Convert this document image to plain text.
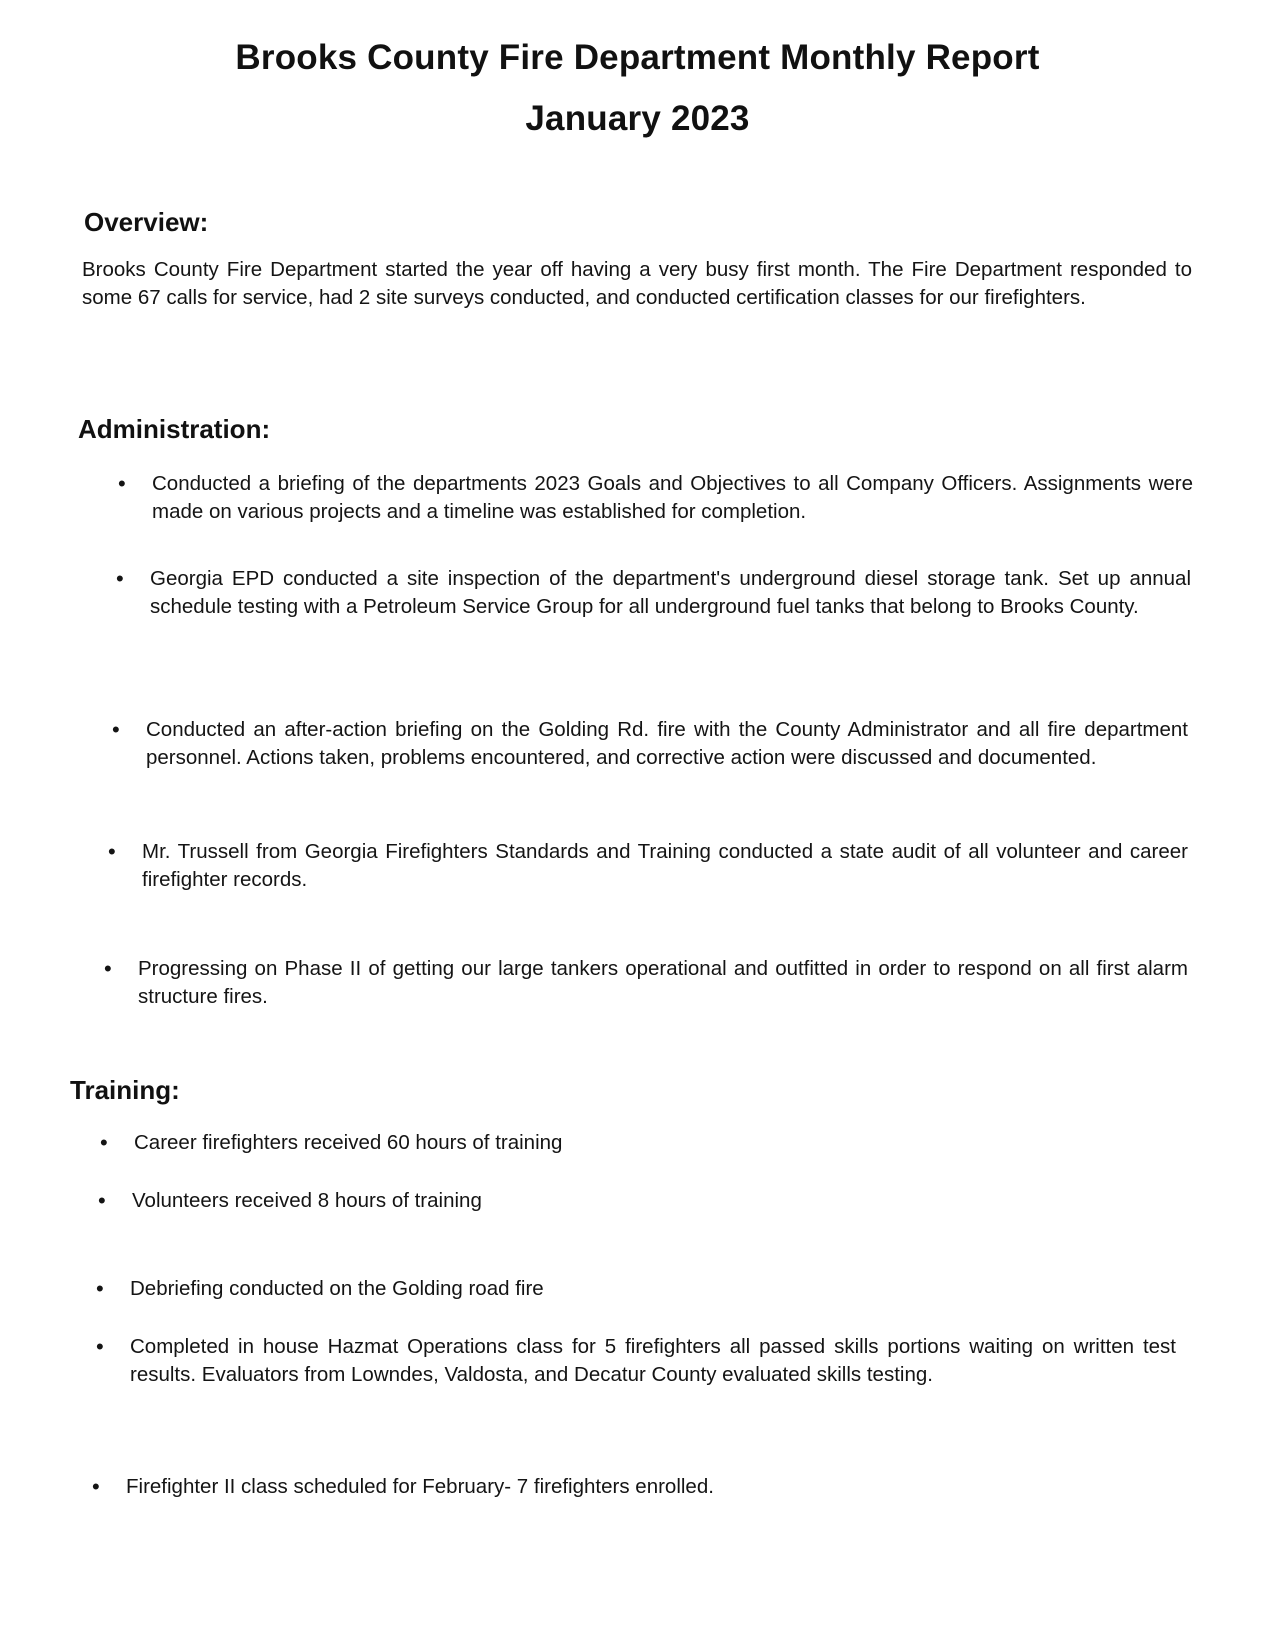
Brooks County Fire Department Monthly Report
January 2023
Overview:
Brooks County Fire Department started the year off having a very busy first month. The Fire Department responded to some 67 calls for service, had 2 site surveys conducted, and conducted certification classes for our firefighters.
Administration:
•	Conducted a briefing of the departments 2023 Goals and Objectives to all Company Officers. Assignments were made on various projects and a timeline was established for completion.
•	Georgia EPD conducted a site inspection of the department's underground diesel storage tank. Set up annual schedule testing with a Petroleum Service Group for all underground fuel tanks that belong to Brooks County.
•	Conducted an after-action briefing on the Golding Rd. fire with the County Administrator and all fire department personnel. Actions taken, problems encountered, and corrective action were discussed and documented.
•	Mr. Trussell from Georgia Firefighters Standards and Training conducted a state audit of all volunteer and career firefighter records.
•	Progressing on Phase II of getting our large tankers operational and outfitted in order to respond on all first alarm structure fires.
Training:
•	Career firefighters received 60 hours of training
•	Volunteers received 8 hours of training
•	Debriefing conducted on the Golding road fire
•	Completed in house Hazmat Operations class for 5 firefighters all passed skills portions waiting on written test results. Evaluators from Lowndes, Valdosta, and Decatur County evaluated skills testing.
•	Firefighter II class scheduled for February- 7 firefighters enrolled.
